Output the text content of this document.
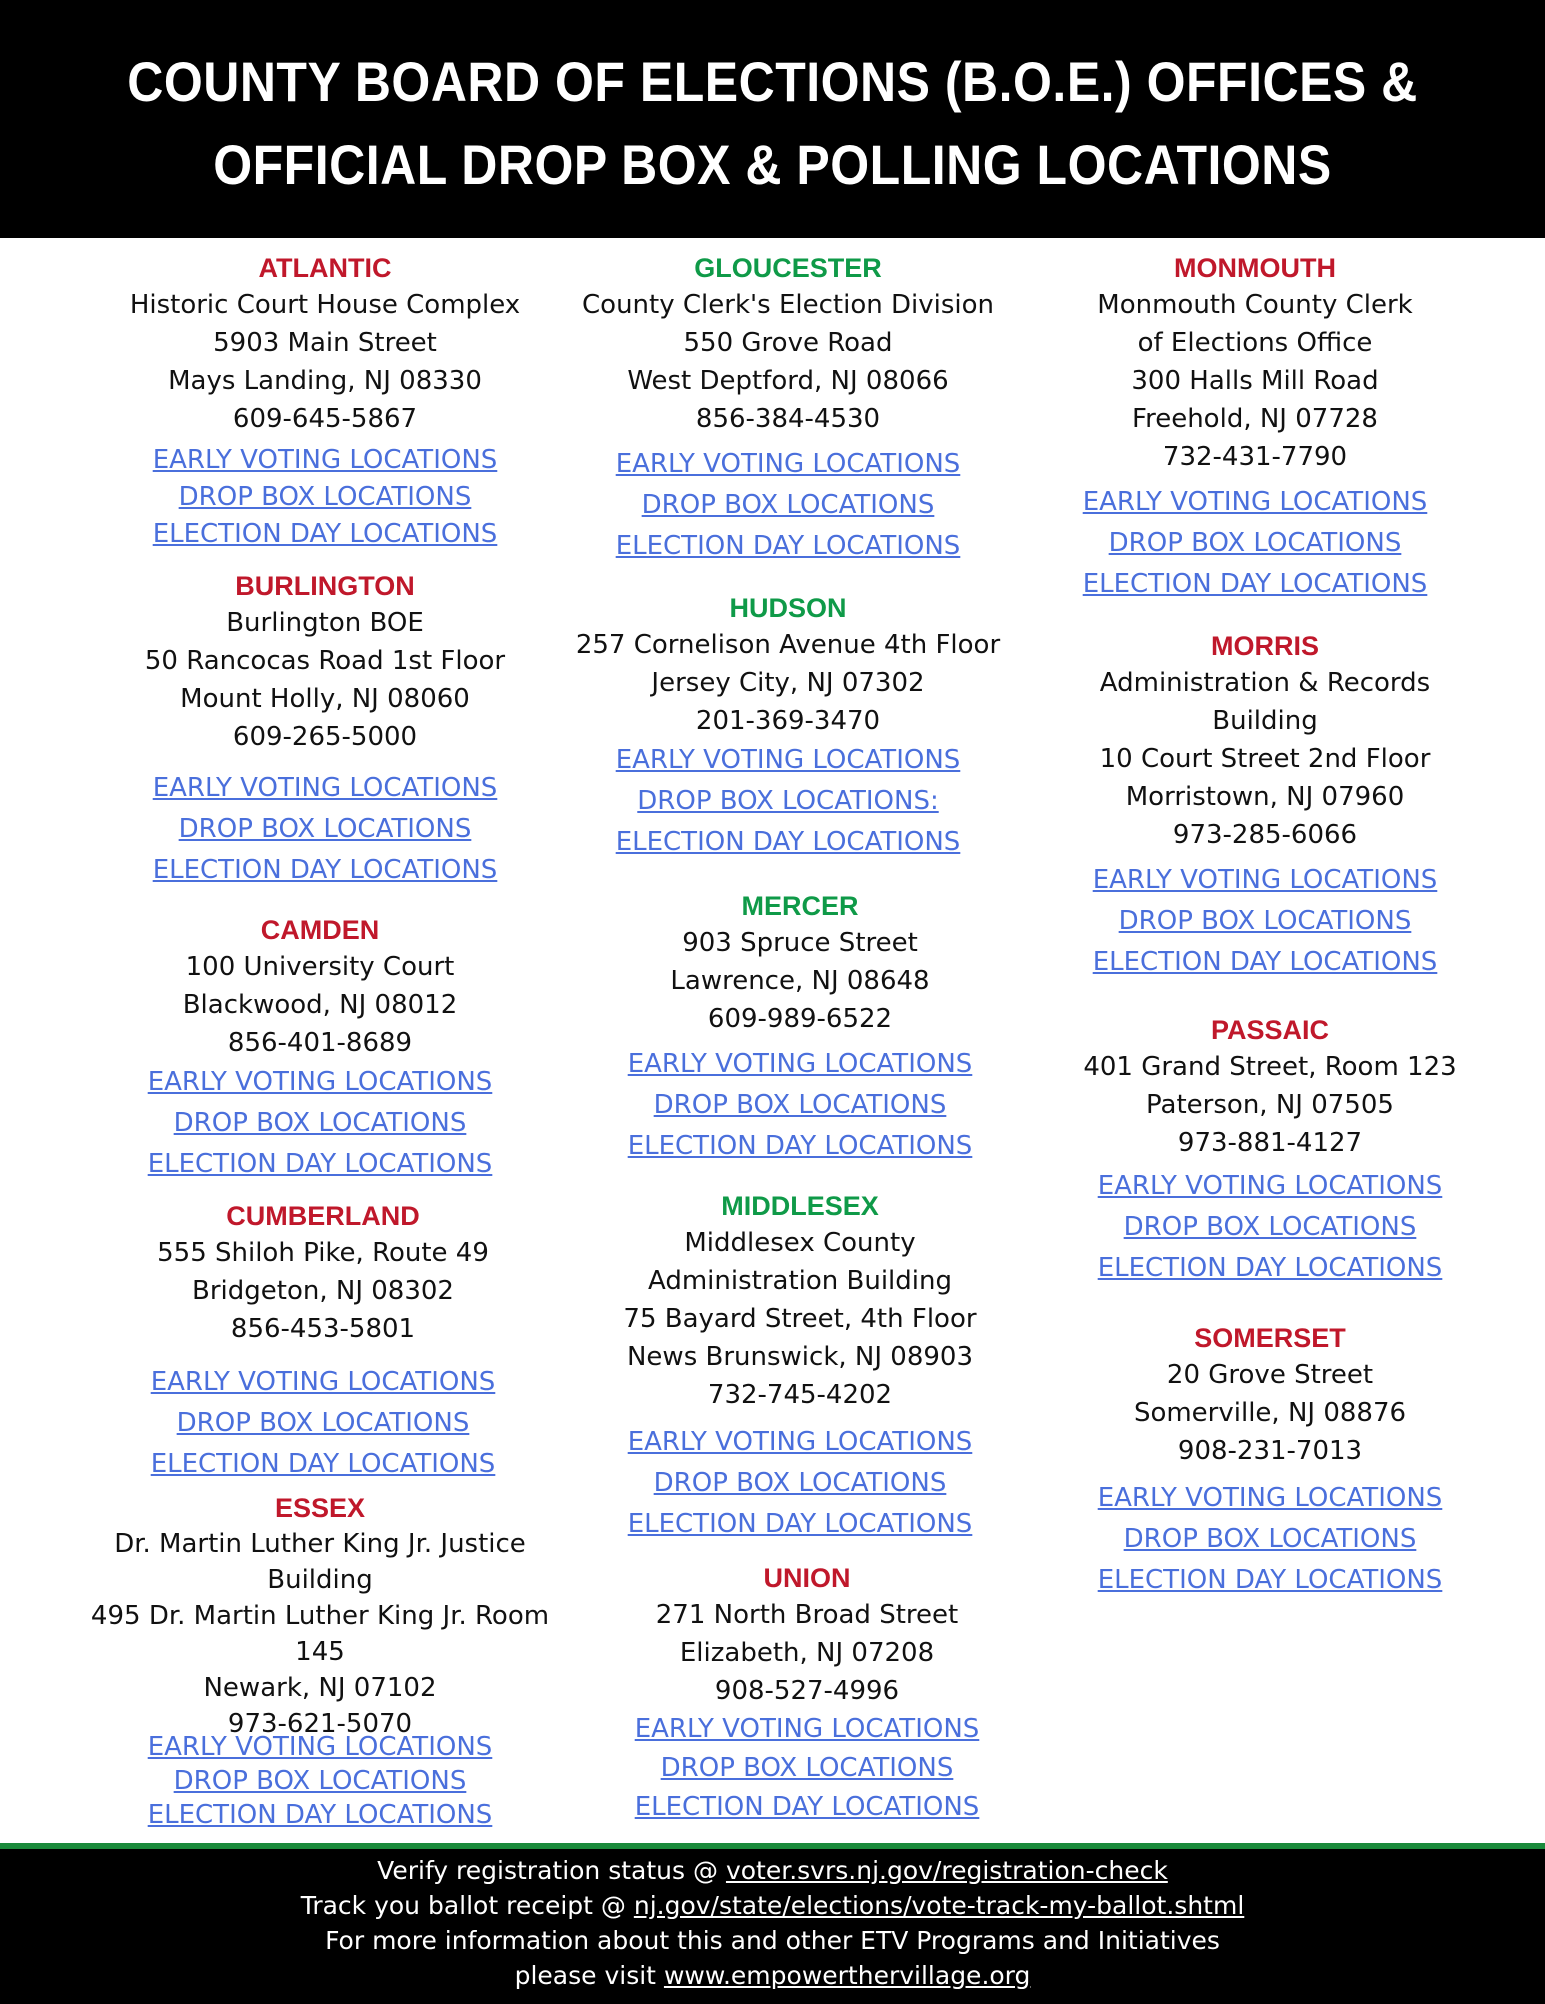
COUNTY BOARD OF ELECTIONS (B.O.E.) OFFICES &
OFFICIAL DROP BOX & POLLING LOCATIONS
ATLANTIC
Historic Court House Complex
5903 Main Street
Mays Landing, NJ 08330
609-645-5867
EARLY VOTING LOCATIONS
DROP BOX LOCATIONS
ELECTION DAY LOCATIONS
BURLINGTON
Burlington BOE
50 Rancocas Road 1st Floor
Mount Holly, NJ 08060
609-265-5000
EARLY VOTING LOCATIONS
DROP BOX LOCATIONS
ELECTION DAY LOCATIONS
CAMDEN
100 University Court
Blackwood, NJ 08012
856-401-8689
EARLY VOTING LOCATIONS
DROP BOX LOCATIONS
ELECTION DAY LOCATIONS
CUMBERLAND
555 Shiloh Pike, Route 49
Bridgeton, NJ 08302
856-453-5801
EARLY VOTING LOCATIONS
DROP BOX LOCATIONS
ELECTION DAY LOCATIONS
ESSEX
Dr. Martin Luther King Jr. Justice
Building
495 Dr. Martin Luther King Jr. Room
145
Newark, NJ 07102
973-621-5070
EARLY VOTING LOCATIONS
DROP BOX LOCATIONS
ELECTION DAY LOCATIONS
GLOUCESTER
County Clerk's Election Division
550 Grove Road
West Deptford, NJ 08066
856-384-4530
EARLY VOTING LOCATIONS
DROP BOX LOCATIONS
ELECTION DAY LOCATIONS
HUDSON
257 Cornelison Avenue 4th Floor
Jersey City, NJ 07302
201-369-3470
EARLY VOTING LOCATIONS
DROP BOX LOCATIONS:
ELECTION DAY LOCATIONS
MERCER
903 Spruce Street
Lawrence, NJ 08648
609-989-6522
EARLY VOTING LOCATIONS
DROP BOX LOCATIONS
ELECTION DAY LOCATIONS
MIDDLESEX
Middlesex County
Administration Building
75 Bayard Street, 4th Floor
News Brunswick, NJ 08903
732-745-4202
EARLY VOTING LOCATIONS
DROP BOX LOCATIONS
ELECTION DAY LOCATIONS
UNION
271 North Broad Street
Elizabeth, NJ 07208
908-527-4996
EARLY VOTING LOCATIONS
DROP BOX LOCATIONS
ELECTION DAY LOCATIONS
MONMOUTH
Monmouth County Clerk
of Elections Office
300 Halls Mill Road
Freehold, NJ 07728
732-431-7790
EARLY VOTING LOCATIONS
DROP BOX LOCATIONS
ELECTION DAY LOCATIONS
MORRIS
Administration & Records
Building
10 Court Street 2nd Floor
Morristown, NJ 07960
973-285-6066
EARLY VOTING LOCATIONS
DROP BOX LOCATIONS
ELECTION DAY LOCATIONS
PASSAIC
401 Grand Street, Room 123
Paterson, NJ 07505
973-881-4127
EARLY VOTING LOCATIONS
DROP BOX LOCATIONS
ELECTION DAY LOCATIONS
SOMERSET
20 Grove Street
Somerville, NJ 08876
908-231-7013
EARLY VOTING LOCATIONS
DROP BOX LOCATIONS
ELECTION DAY LOCATIONS
Verify registration status @ voter.svrs.nj.gov/registration-check
Track you ballot receipt @ nj.gov/state/elections/vote-track-my-ballot.shtml
For more information about this and other ETV Programs and Initiatives
please visit www.empowerthervillage.org
